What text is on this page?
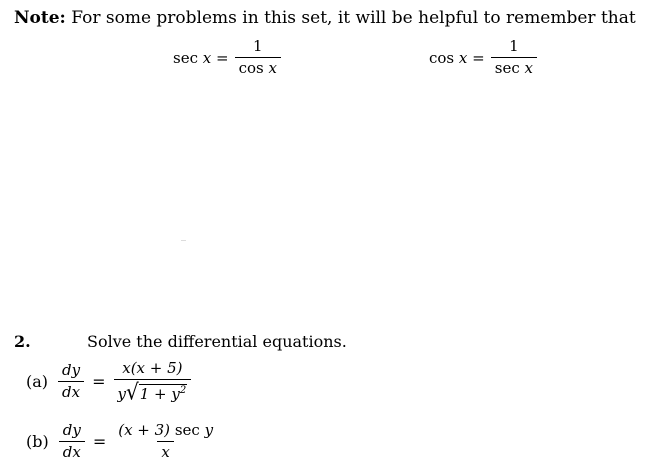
Note: For some problems in this set, it will be helpful to remember that
$\sec x = \frac{1}{\text{cos x}}$	$\cos x = \frac{1}{\text{sec x}}$
2.	Solve the differential equations.
$(a) \frac{dy}{dx} = \frac{x(x + 5)}{y √ 1 + y^2}$
$(b) \frac{dy}{dx} = \frac{\text{(x + 3) sec y}}{x}$
